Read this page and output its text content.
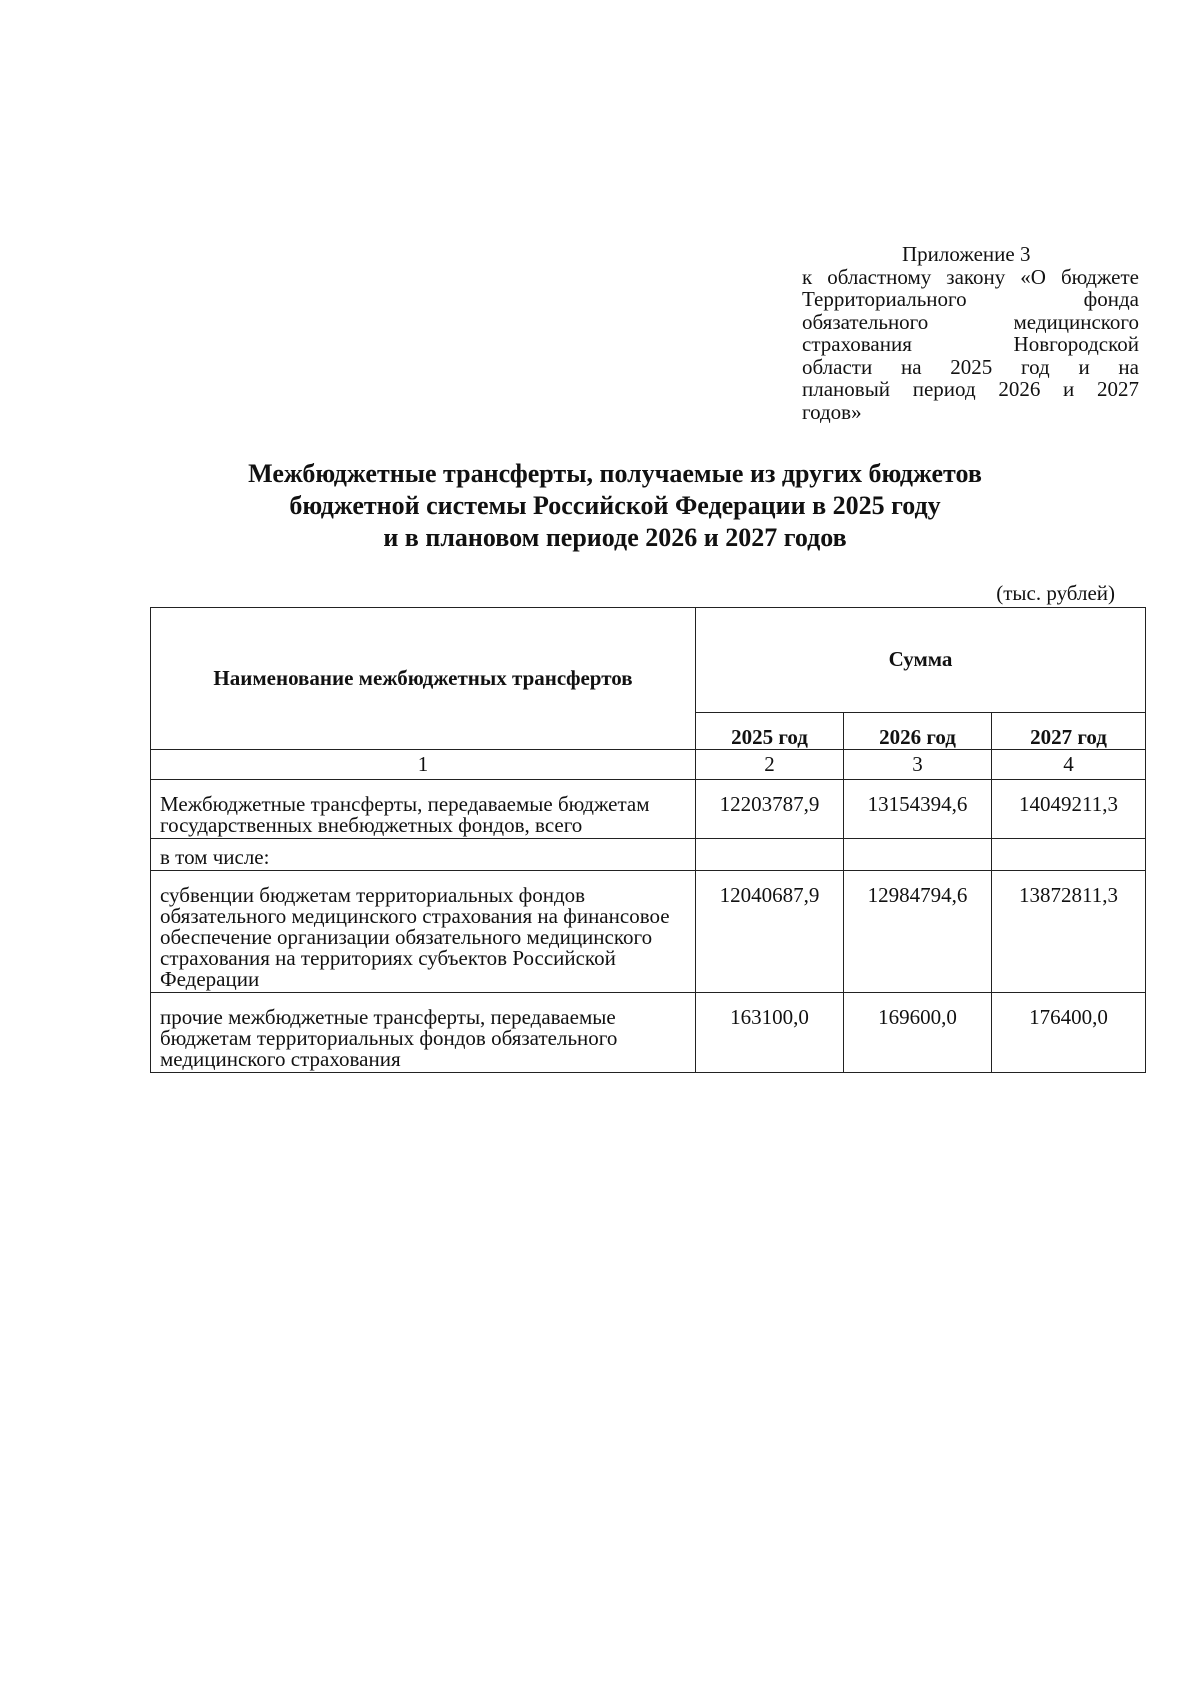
Приложение 3
к областному закону «О бюджете
Территориального фонда
обязательного медицинского
страхования Новгородской
области на 2025 год и на
плановый период 2026 и 2027
годов»
Межбюджетные трансферты, получаемые из других бюджетов
бюджетной системы Российской Федерации в 2025 году
и в плановом периоде 2026 и 2027 годов
(тыс. рублей)
Наименование межбюджетных трансфертов	Сумма		
	2025 год	2026 год	2027 год
1	2	3	4
Межбюджетные трансферты, передаваемые бюджетам государственных внебюджетных фондов, всего	12203787,9	13154394,6	14049211,3
в том числе:			
субвенции бюджетам территориальных фондов обязательного медицинского страхования на финансовое обеспечение организации обязательного медицинского страхования на территориях субъектов Российской Федерации	12040687,9	12984794,6	13872811,3
прочие межбюджетные трансферты, передаваемые бюджетам территориальных фондов обязательного медицинского страхования	163100,0	169600,0	176400,0
